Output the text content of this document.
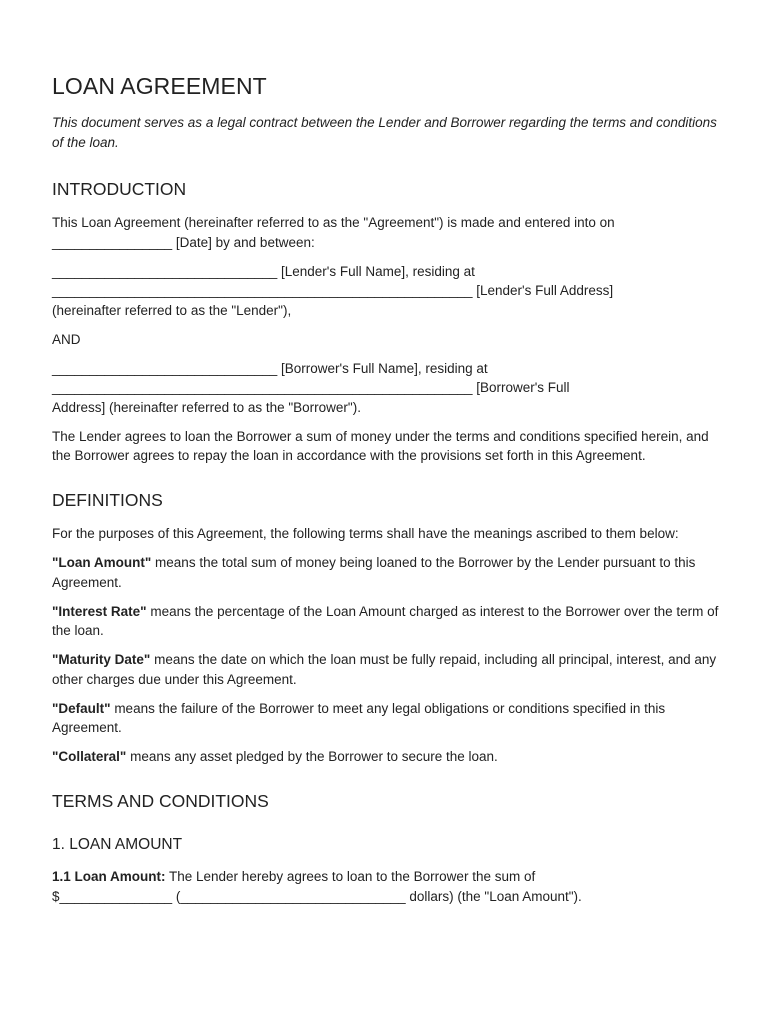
LOAN AGREEMENT

This document serves as a legal contract between the Lender and Borrower regarding the terms and conditions of the loan.

INTRODUCTION

This Loan Agreement (hereinafter referred to as the "Agreement") is made and entered into on
________________ [Date] by and between:

______________________________ [Lender's Full Name], residing at
________________________________________________________ [Lender's Full Address]
(hereinafter referred to as the "Lender"),

AND

______________________________ [Borrower's Full Name], residing at
________________________________________________________ [Borrower's Full
Address] (hereinafter referred to as the "Borrower").

The Lender agrees to loan the Borrower a sum of money under the terms and conditions specified herein, and the Borrower agrees to repay the loan in accordance with the provisions set forth in this Agreement.

DEFINITIONS

For the purposes of this Agreement, the following terms shall have the meanings ascribed to them below:

"Loan Amount" means the total sum of money being loaned to the Borrower by the Lender pursuant to this Agreement.

"Interest Rate" means the percentage of the Loan Amount charged as interest to the Borrower over the term of the loan.

"Maturity Date" means the date on which the loan must be fully repaid, including all principal, interest, and any other charges due under this Agreement.

"Default" means the failure of the Borrower to meet any legal obligations or conditions specified in this Agreement.

"Collateral" means any asset pledged by the Borrower to secure the loan.

TERMS AND CONDITIONS
1. LOAN AMOUNT

1.1 Loan Amount: The Lender hereby agrees to loan to the Borrower the sum of
$_______________ (______________________________ dollars) (the "Loan Amount").
